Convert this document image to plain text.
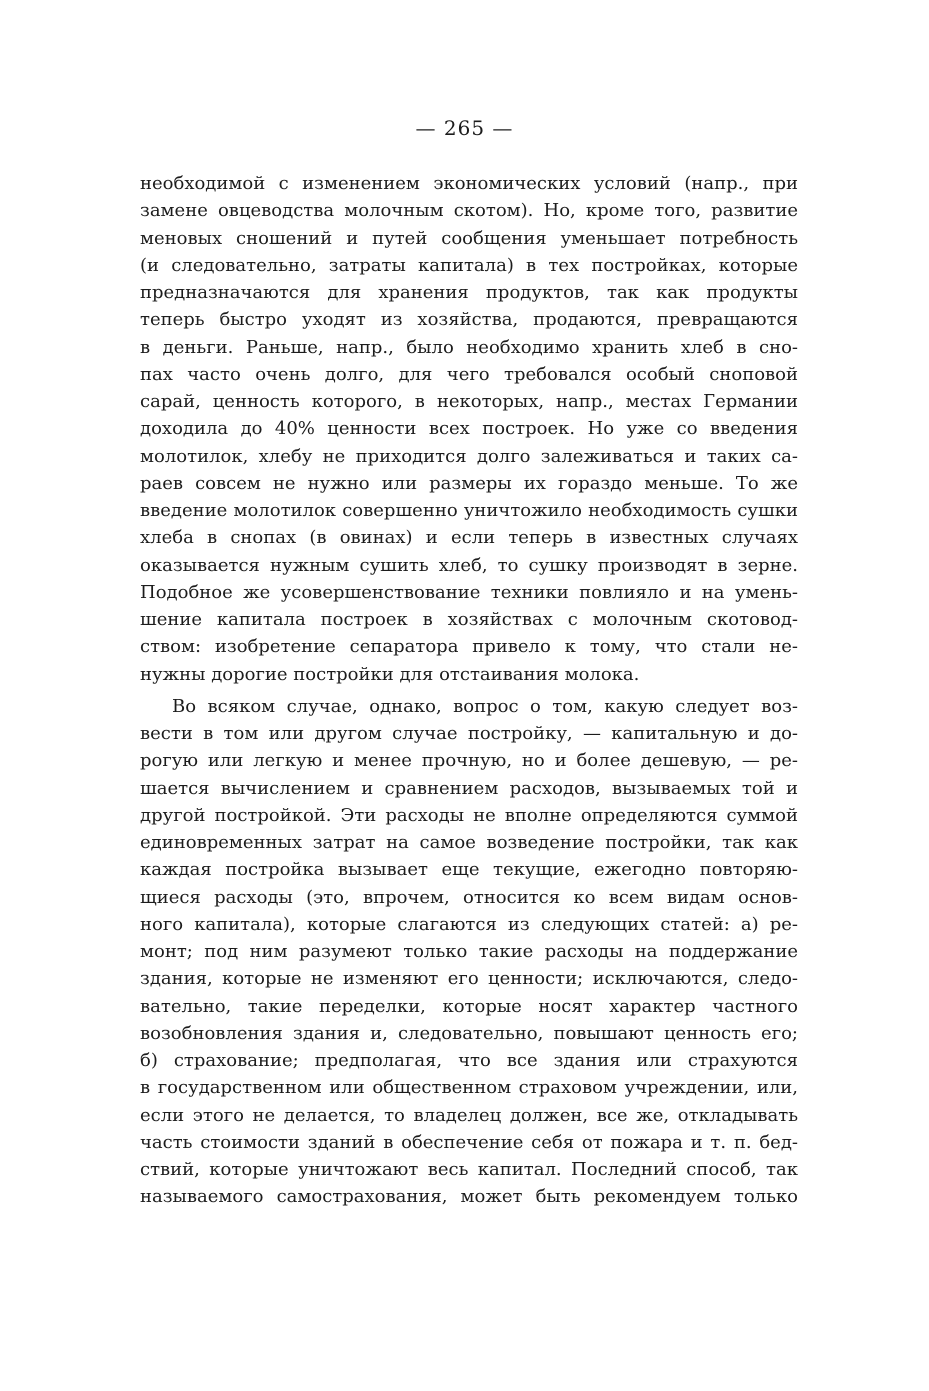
— 265 —
необходимой с изменением экономических условий (напр., при
замене овцеводства молочным скотом). Но, кроме того, развитие
меновых сношений и путей сообщения уменьшает потребность
(и следовательно, затраты капитала) в тех постройках, которые
предназначаются для хранения продуктов, так как продукты
теперь быстро уходят из хозяйства, продаются, превращаются
в деньги. Раньше, напр., было необходимо хранить хлеб в сно-
пах часто очень долго, для чего требовался особый сноповой
сарай, ценность которого, в некоторых, напр., местах Германии
доходила до 40% ценности всех построек. Но уже со введения
молотилок, хлебу не приходится долго залеживаться и таких са-
раев совсем не нужно или размеры их гораздо меньше. То же
введение молотилок совершенно уничтожило необходимость сушки
хлеба в снопах (в овинах) и если теперь в известных случаях
оказывается нужным сушить хлеб, то сушку производят в зерне.
Подобное же усовершенствование техники повлияло и на умень-
шение капитала построек в хозяйствах с молочным скотовод-
ством: изобретение сепаратора привело к тому, что стали не-
нужны дорогие постройки для отстаивания молока.
Во всяком случае, однако, вопрос о том, какую следует воз-
вести в том или другом случае постройку, — капитальную и до-
рогую или легкую и менее прочную, но и более дешевую, — ре-
шается вычислением и сравнением расходов, вызываемых той и
другой постройкой. Эти расходы не вполне определяются суммой
единовременных затрат на самое возведение постройки, так как
каждая постройка вызывает еще текущие, ежегодно повторяю-
щиеся расходы (это, впрочем, относится ко всем видам основ-
ного капитала), которые слагаются из следующих статей: а) ре-
монт; под ним разумеют только такие расходы на поддержание
здания, которые не изменяют его ценности; исключаются, следо-
вательно, такие переделки, которые носят характер частного
возобновления здания и, следовательно, повышают ценность его;
б) страхование; предполагая, что все здания или страхуются
в государственном или общественном страховом учреждении, или,
если этого не делается, то владелец должен, все же, откладывать
часть стоимости зданий в обеспечение себя от пожара и т. п. бед-
ствий, которые уничтожают весь капитал. Последний способ, так
называемого самострахования, может быть рекомендуем только
